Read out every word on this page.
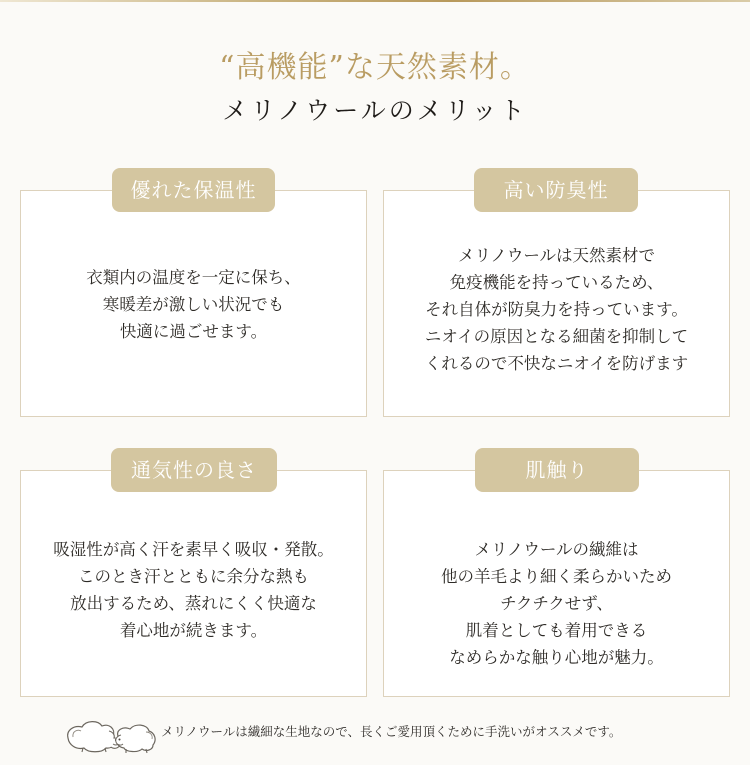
“高機能”な天然素材。
メリノウールのメリット
衣類内の温度を一定に保ち、
寒暖差が激しい状況でも
快適に過ごせます。
優れた保温性
メリノウールは天然素材で
免疫機能を持っているため、
それ自体が防臭力を持っています。
ニオイの原因となる細菌を抑制して
くれるので不快なニオイを防げます
高い防臭性
吸湿性が高く汗を素早く吸収・発散。
このとき汗とともに余分な熱も
放出するため、蒸れにくく快適な
着心地が続きます。
通気性の良さ
メリノウールの繊維は
他の羊毛より細く柔らかいため
チクチクせず、
肌着としても着用できる
なめらかな触り心地が魅力。
肌触り
メリノウールは繊細な生地なので、長くご愛用頂くために手洗いがオススメです。
